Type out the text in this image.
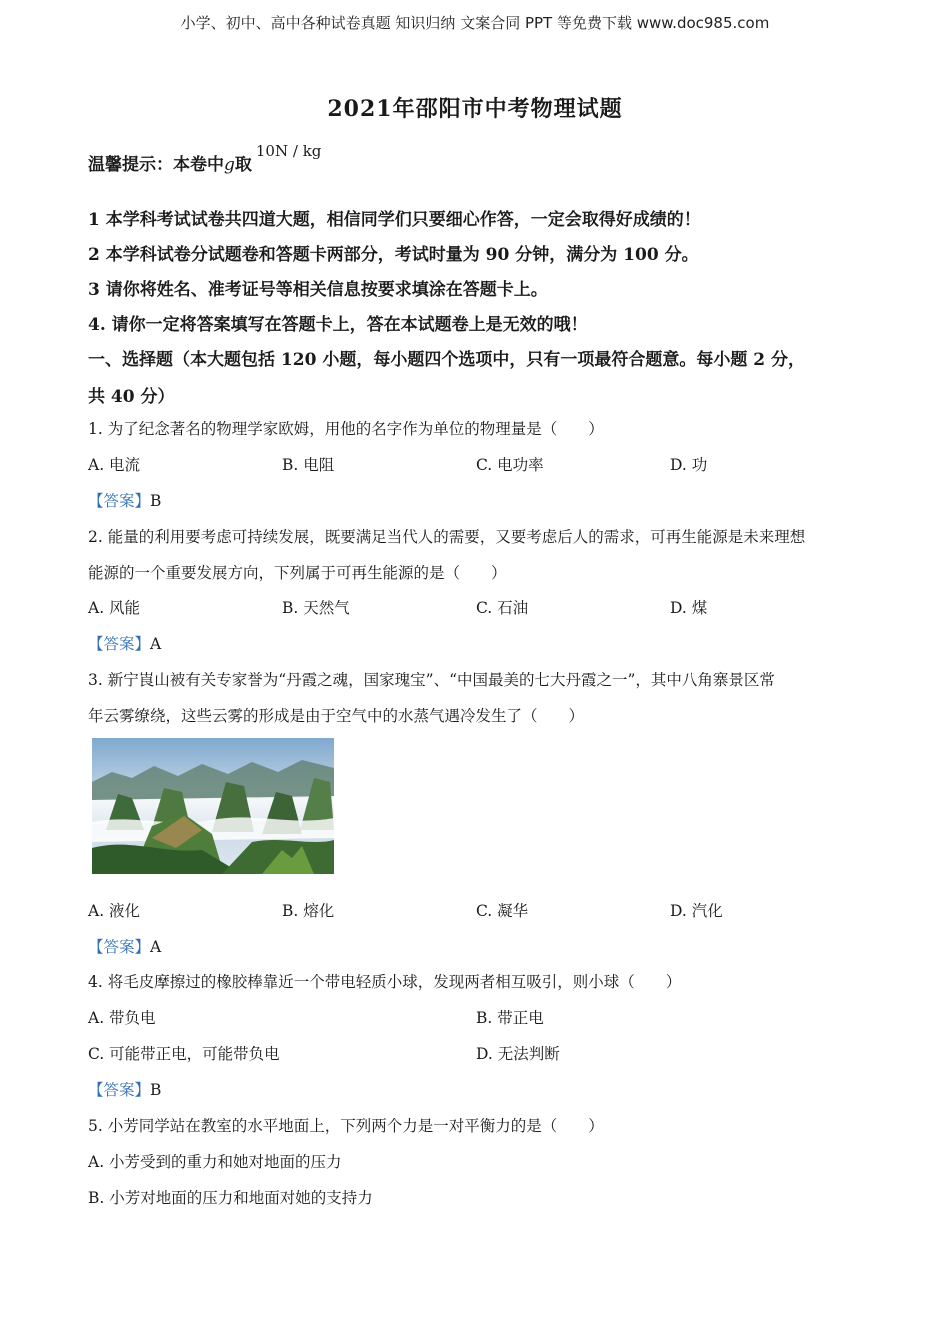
小学、初中、高中各种试卷真题 知识归纳 文案合同 PPT 等免费下载 www.doc985.com
2021年邵阳市中考物理试题
温馨提示：本卷中g取10N / kg
1 本学科考试试卷共四道大题，相信同学们只要细心作答，一定会取得好成绩的！
2 本学科试卷分试题卷和答题卡两部分，考试时量为 90 分钟，满分为 100 分。
3 请你将姓名、准考证号等相关信息按要求填涂在答题卡上。
4. 请你一定将答案填写在答题卡上，答在本试题卷上是无效的哦！
一、选择题（本大题包括 120 小题，每小题四个选项中，只有一项最符合题意。每小题 2 分，
共 40 分）
1. 为了纪念著名的物理学家欧姆，用他的名字作为单位的物理量是（　　）
A. 电流	B. 电阻	C. 电功率	D. 功
【答案】B
2. 能量的利用要考虑可持续发展，既要满足当代人的需要，又要考虑后人的需求，可再生能源是未来理想
能源的一个重要发展方向，下列属于可再生能源的是（　　）
A. 风能	B. 天然气	C. 石油	D. 煤
【答案】A
3. 新宁崀山被有关专家誉为“丹霞之魂，国家瑰宝”、“中国最美的七大丹霞之一”，其中八角寨景区常
年云雾缭绕，这些云雾的形成是由于空气中的水蒸气遇冷发生了（　　）
A. 液化	B. 熔化	C. 凝华	D. 汽化
【答案】A
4. 将毛皮摩擦过的橡胶棒靠近一个带电轻质小球，发现两者相互吸引，则小球（　　）
A. 带负电	B. 带正电
C. 可能带正电，可能带负电	D. 无法判断
【答案】B
5. 小芳同学站在教室的水平地面上，下列两个力是一对平衡力的是（　　）
A. 小芳受到的重力和她对地面的压力
B. 小芳对地面的压力和地面对她的支持力
